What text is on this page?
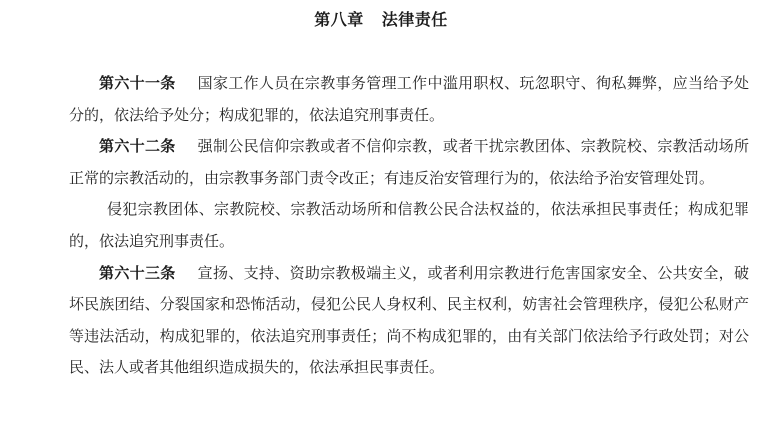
第八章 法律责任

第六十一条 国家工作人员在宗教事务管理工作中滥用职权、玩忽职守、徇私舞弊，应当给予处分的，依法给予处分；构成犯罪的，依法追究刑事责任。

第六十二条 强制公民信仰宗教或者不信仰宗教，或者干扰宗教团体、宗教院校、宗教活动场所正常的宗教活动的，由宗教事务部门责令改正；有违反治安管理行为的，依法给予治安管理处罚。

侵犯宗教团体、宗教院校、宗教活动场所和信教公民合法权益的，依法承担民事责任；构成犯罪的，依法追究刑事责任。

第六十三条 宣扬、支持、资助宗教极端主义，或者利用宗教进行危害国家安全、公共安全，破坏民族团结、分裂国家和恐怖活动，侵犯公民人身权利、民主权利，妨害社会管理秩序，侵犯公私财产等违法活动，构成犯罪的，依法追究刑事责任；尚不构成犯罪的，由有关部门依法给予行政处罚；对公民、法人或者其他组织造成损失的，依法承担民事责任。
